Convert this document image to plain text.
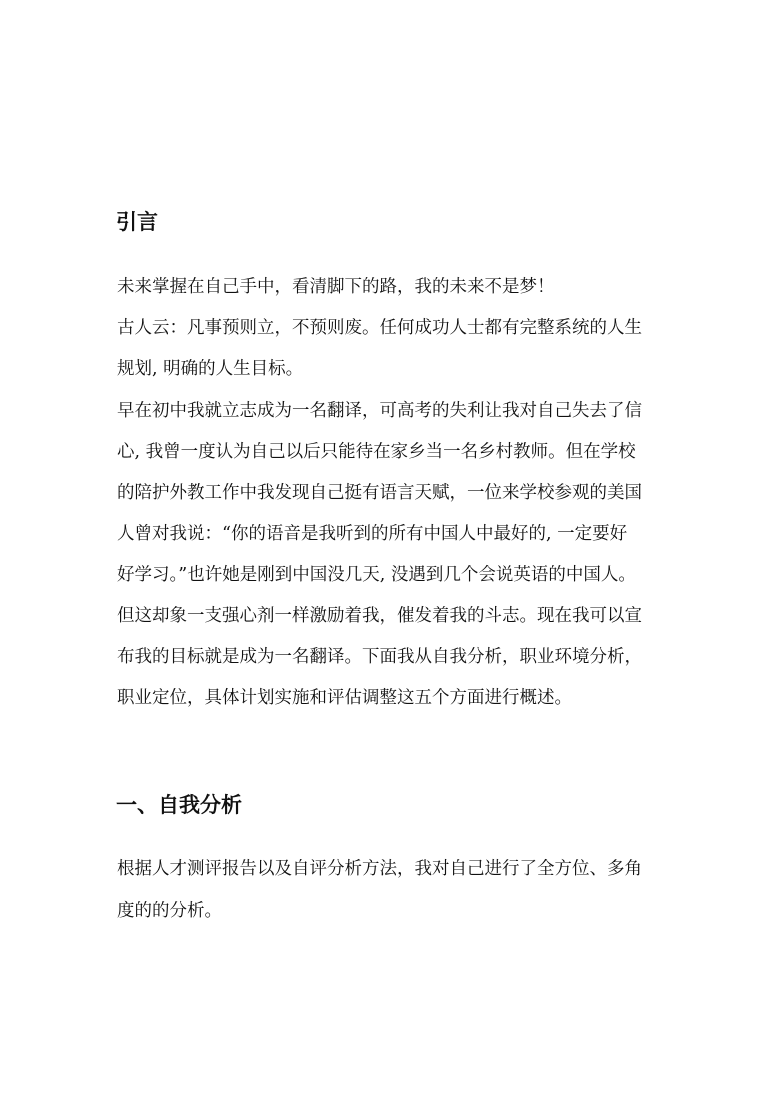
引言

未来掌握在自己手中，看清脚下的路，我的未来不是梦！

古人云：凡事预则立，不预则废。任何成功人士都有完整系统的人生

规划, 明确的人生目标。

早在初中我就立志成为一名翻译，可高考的失利让我对自己失去了信

心, 我曾一度认为自己以后只能待在家乡当一名乡村教师。但在学校

的陪护外教工作中我发现自己挺有语言天赋，一位来学校参观的美国

人曾对我说：“你的语音是我听到的所有中国人中最好的, 一定要好

好学习。”也许她是刚到中国没几天, 没遇到几个会说英语的中国人。

但这却象一支强心剂一样激励着我，催发着我的斗志。现在我可以宣

布我的目标就是成为一名翻译。下面我从自我分析，职业环境分析，

职业定位，具体计划实施和评估调整这五个方面进行概述。

一、自我分析

根据人才测评报告以及自评分析方法，我对自己进行了全方位、多角

度的的分析。
